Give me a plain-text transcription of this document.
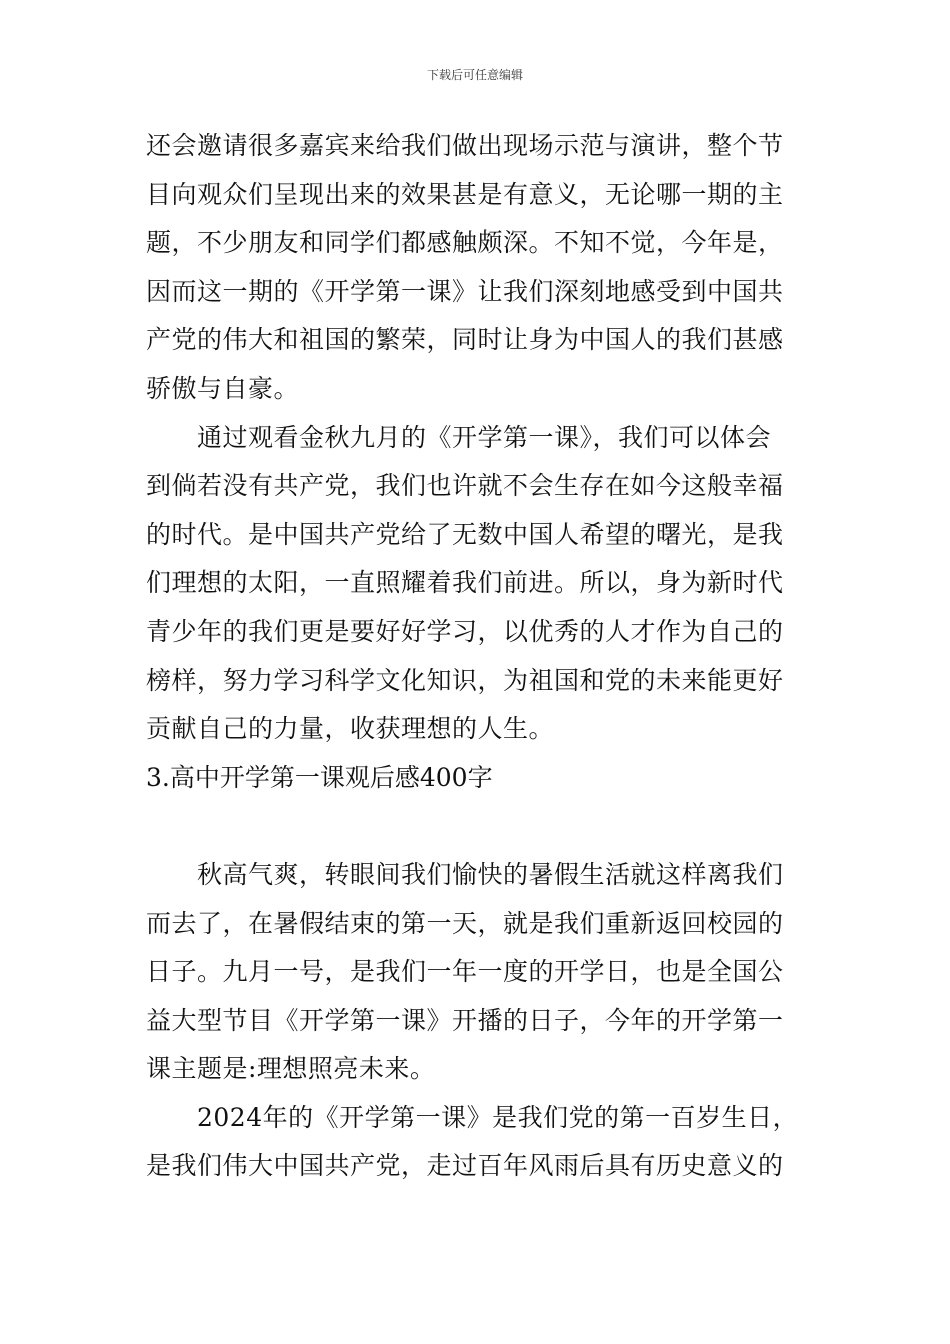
下载后可任意编辑
还会邀请很多嘉宾来给我们做出现场示范与演讲，整个节
目向观众们呈现出来的效果甚是有意义，无论哪一期的主
题，不少朋友和同学们都感触颇深。不知不觉，今年是，
因而这一期的《开学第一课》让我们深刻地感受到中国共
产党的伟大和祖国的繁荣，同时让身为中国人的我们甚感
骄傲与自豪。
通过观看金秋九月的《开学第一课》，我们可以体会
到倘若没有共产党，我们也许就不会生存在如今这般幸福
的时代。是中国共产党给了无数中国人希望的曙光，是我
们理想的太阳，一直照耀着我们前进。所以，身为新时代
青少年的我们更是要好好学习，以优秀的人才作为自己的
榜样，努力学习科学文化知识，为祖国和党的未来能更好
贡献自己的力量，收获理想的人生。
3.高中开学第一课观后感400字
秋高气爽，转眼间我们愉快的暑假生活就这样离我们
而去了，在暑假结束的第一天，就是我们重新返回校园的
日子。九月一号，是我们一年一度的开学日，也是全国公
益大型节目《开学第一课》开播的日子，今年的开学第一
课主题是:理想照亮未来。
2024年的《开学第一课》是我们党的第一百岁生日，
是我们伟大中国共产党，走过百年风雨后具有历史意义的
